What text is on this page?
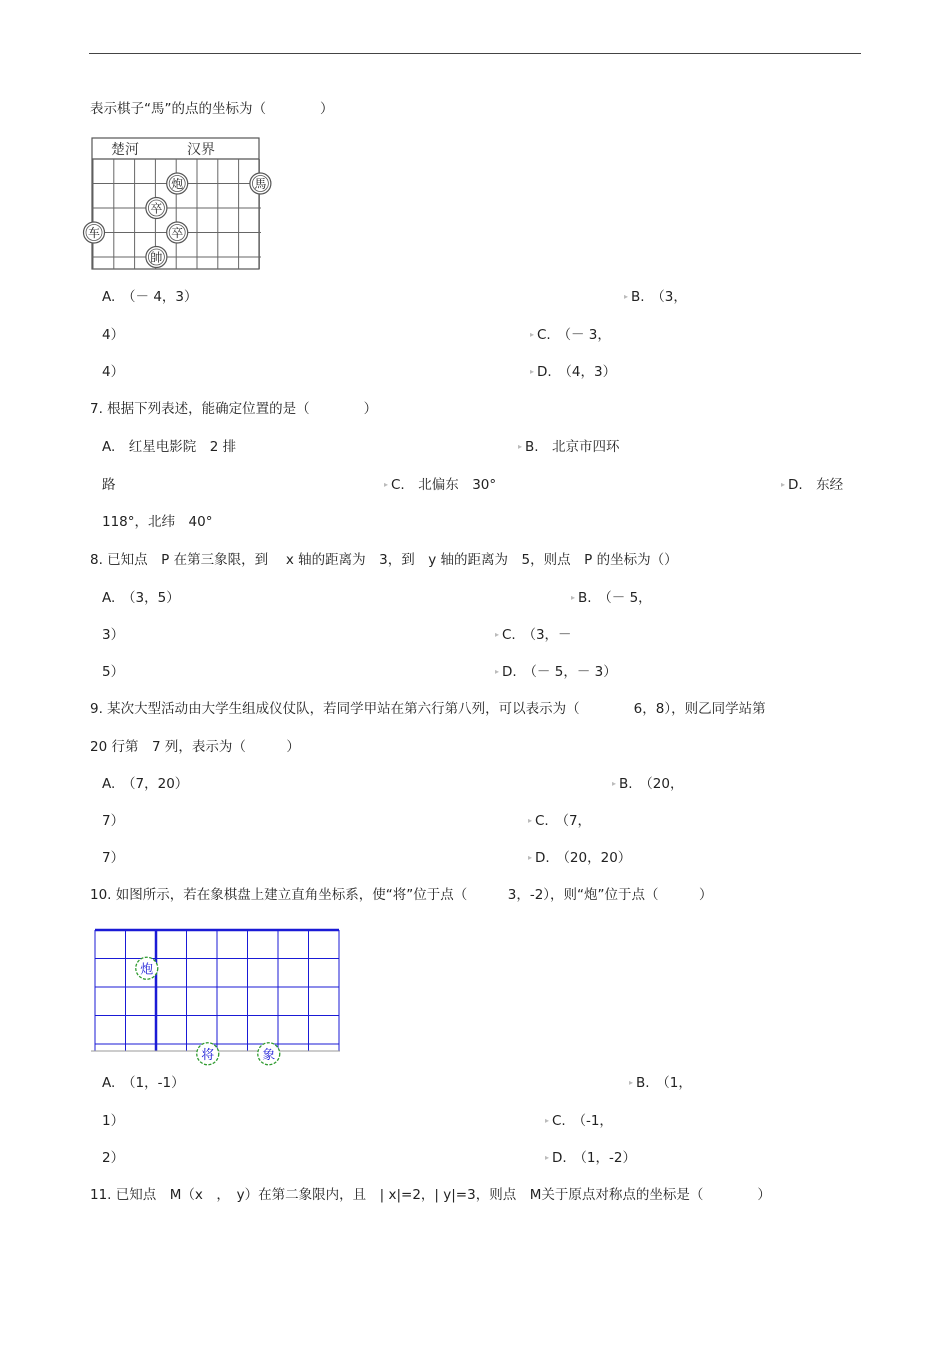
表示棋子“馬”的点的坐标为（　　　　）
楚河	汉界
炮	馬
卒
车	卒
帥
A.　（－ 4，3）	▸ B.　（3，
4）	▸ C.　（－ 3，
4）	▸ D.　（4，3）
7. 根据下列表述，能确定位置的是（　　　　）
A.　红星电影院　2 排	▸ B.　北京市四环
路	▸ C.　北偏东　30°	▸ D.　东经
118°，北纬　40°
8. 已知点　P 在第三象限，到　 x 轴的距离为　3，到　y 轴的距离为　5，则点　P 的坐标为（）
A.　（3，5）	▸ B.　（－ 5，
3）	▸ C.　（3，－
5）	▸ D.　（－ 5，－ 3）
9. 某次大型活动由大学生组成仪仗队，若同学甲站在第六行第八列，可以表示为（　　　　6，8），则乙同学站第
20 行第　7 列，表示为（　　　）
A.　（7，20）	▸ B.　（20，
7）	▸ C.　（7，
7）	▸ D.　（20，20）
10. 如图所示，若在象棋盘上建立直角坐标系，使“将”位于点（　　　3，-2），则“炮”位于点（　　　）
炮
将	象
A.　（1，-1）	▸ B.　（1，
1）	▸ C.　（-1，
2）	▸ D.　（1，-2）
11. 已知点　M（x　，　y）在第二象限内，且　| x|=2，| y|=3，则点　M关于原点对称点的坐标是（　　　　）
